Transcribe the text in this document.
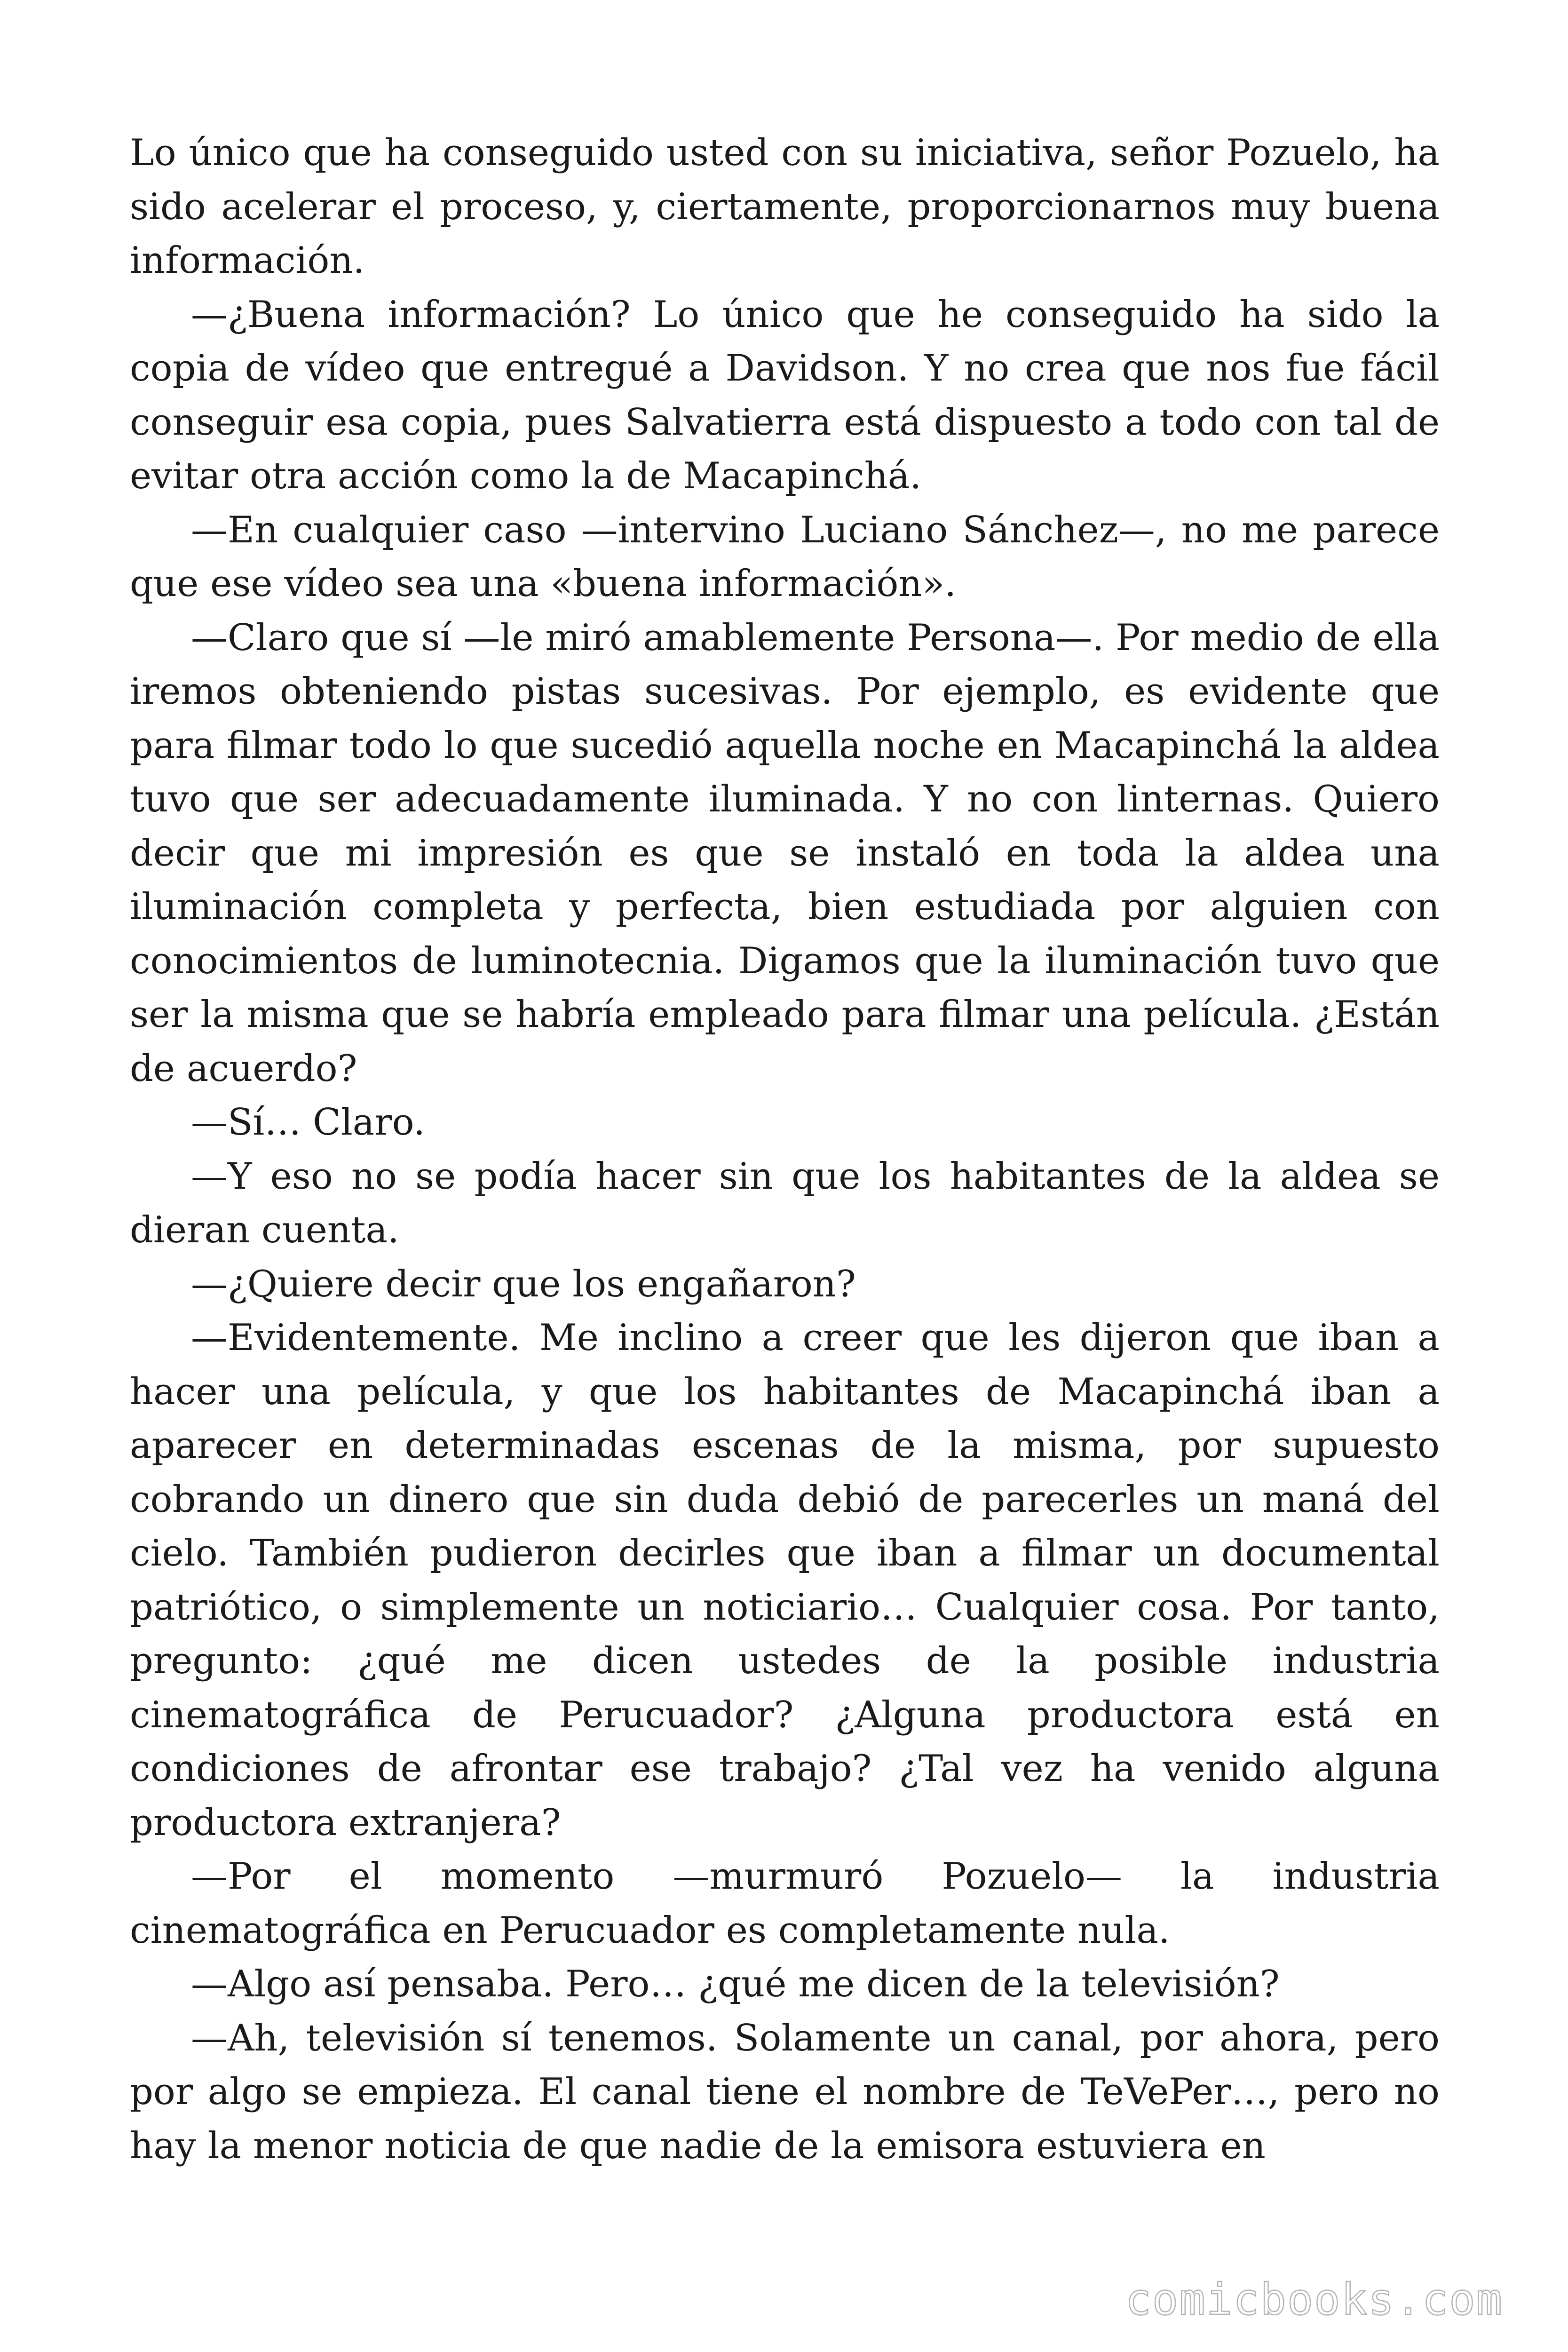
Lo único que ha conseguido usted con su iniciativa, señor Pozuelo, ha sido acelerar el proceso, y, ciertamente, proporcionarnos muy buena información.

—¿Buena información? Lo único que he conseguido ha sido la copia de vídeo que entregué a Davidson. Y no crea que nos fue fácil conseguir esa copia, pues Salvatierra está dispuesto a todo con tal de evitar otra acción como la de Macapinchá.

—En cualquier caso —intervino Luciano Sánchez—, no me parece que ese vídeo sea una «buena información».

—Claro que sí —le miró amablemente Persona—. Por medio de ella iremos obteniendo pistas sucesivas. Por ejemplo, es evidente que para filmar todo lo que sucedió aquella noche en Macapinchá la aldea tuvo que ser adecuadamente iluminada. Y no con linternas. Quiero decir que mi impresión es que se instaló en toda la aldea una iluminación completa y perfecta, bien estudiada por alguien con conocimientos de luminotecnia. Digamos que la iluminación tuvo que ser la misma que se habría empleado para filmar una película. ¿Están de acuerdo?

—Sí… Claro.

—Y eso no se podía hacer sin que los habitantes de la aldea se dieran cuenta.

—¿Quiere decir que los engañaron?

—Evidentemente. Me inclino a creer que les dijeron que iban a hacer una película, y que los habitantes de Macapinchá iban a aparecer en determinadas escenas de la misma, por supuesto cobrando un dinero que sin duda debió de parecerles un maná del cielo. También pudieron decirles que iban a filmar un documental patriótico, o simplemente un noticiario… Cualquier cosa. Por tanto, pregunto: ¿qué me dicen ustedes de la posible industria cinematográfica de Perucuador? ¿Alguna productora está en condiciones de afrontar ese trabajo? ¿Tal vez ha venido alguna productora extranjera?

—Por el momento —murmuró Pozuelo— la industria cinematográfica en Perucuador es completamente nula.

—Algo así pensaba. Pero… ¿qué me dicen de la televisión?

—Ah, televisión sí tenemos. Solamente un canal, por ahora, pero por algo se empieza. El canal tiene el nombre de TeVePer…, pero no hay la menor noticia de que nadie de la emisora estuviera en

comicbooks.com
